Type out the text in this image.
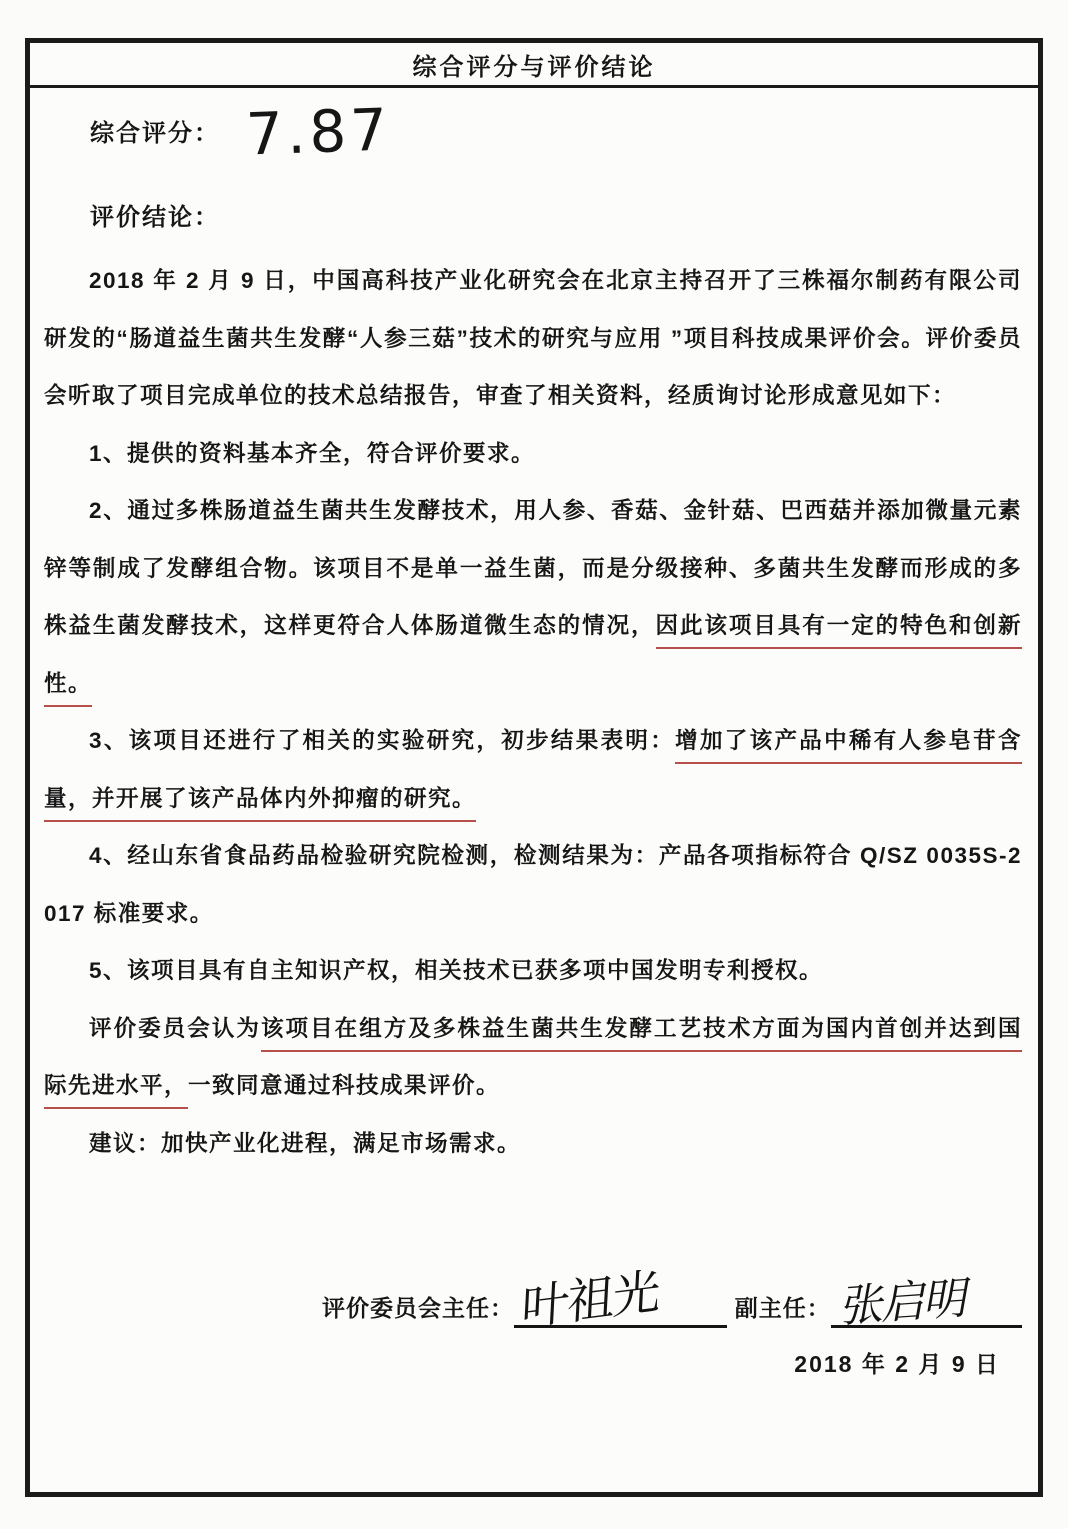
综合评分与评价结论
综合评分： 7.87
评价结论：

2018 年 2 月 9 日，中国高科技产业化研究会在北京主持召开了三株福尔制药有限公司研发的“肠道益生菌共生发酵“人参三菇”技术的研究与应用 ”项目科技成果评价会。评价委员会听取了项目完成单位的技术总结报告，审查了相关资料，经质询讨论形成意见如下：

1、提供的资料基本齐全，符合评价要求。

2、通过多株肠道益生菌共生发酵技术，用人参、香菇、金针菇、巴西菇并添加微量元素锌等制成了发酵组合物。该项目不是单一益生菌，而是分级接种、多菌共生发酵而形成的多株益生菌发酵技术，这样更符合人体肠道微生态的情况，因此该项目具有一定的特色和创新性。

3、该项目还进行了相关的实验研究，初步结果表明：增加了该产品中稀有人参皂苷含量，并开展了该产品体内外抑瘤的研究。

4、经山东省食品药品检验研究院检测，检测结果为：产品各项指标符合 Q/SZ 0035S-2017 标准要求。

5、该项目具有自主知识产权，相关技术已获多项中国发明专利授权。

评价委员会认为该项目在组方及多株益生菌共生发酵工艺技术方面为国内首创并达到国际先进水平，一致同意通过科技成果评价。

建议：加快产业化进程，满足市场需求。

评价委员会主任： 叶祖光	副主任： 张启明
2018 年 2 月 9 日
